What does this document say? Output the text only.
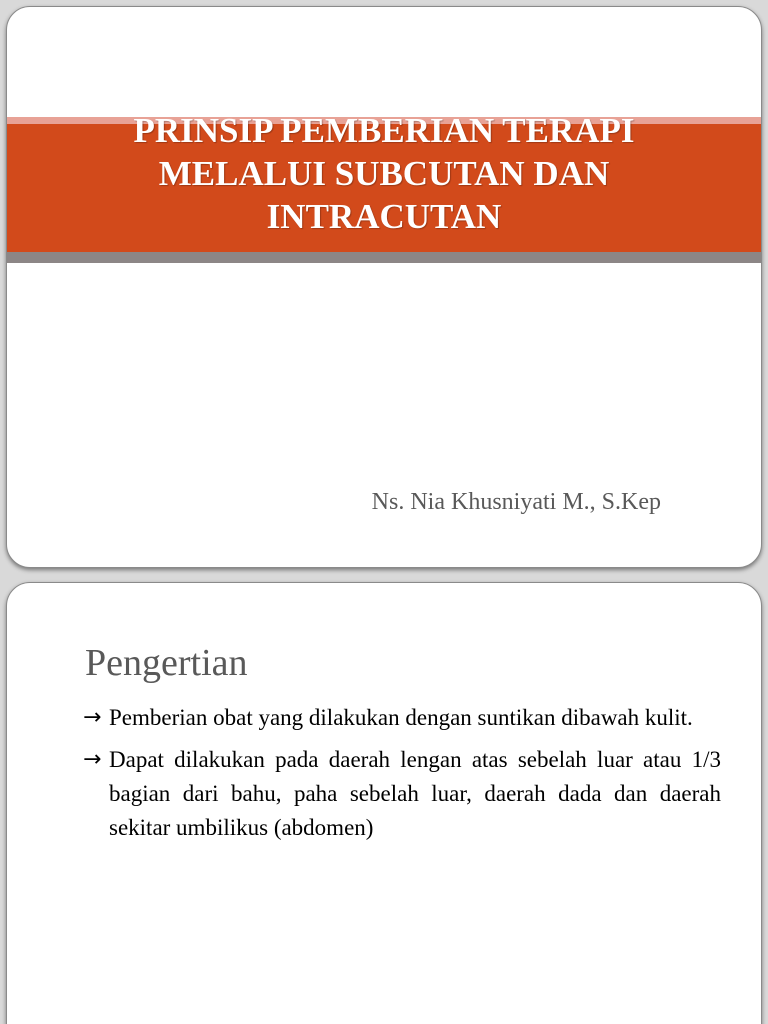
PRINSIP PEMBERIAN TERAPI
MELALUI SUBCUTAN DAN
INTRACUTAN

Ns. Nia Khusniyati M., S.Kep

Pengertian
→ Pemberian obat yang dilakukan dengan suntikan dibawah kulit.
→ Dapat dilakukan pada daerah lengan atas sebelah luar atau 1/3 bagian dari bahu, paha sebelah luar, daerah dada dan daerah sekitar umbilikus (abdomen)
